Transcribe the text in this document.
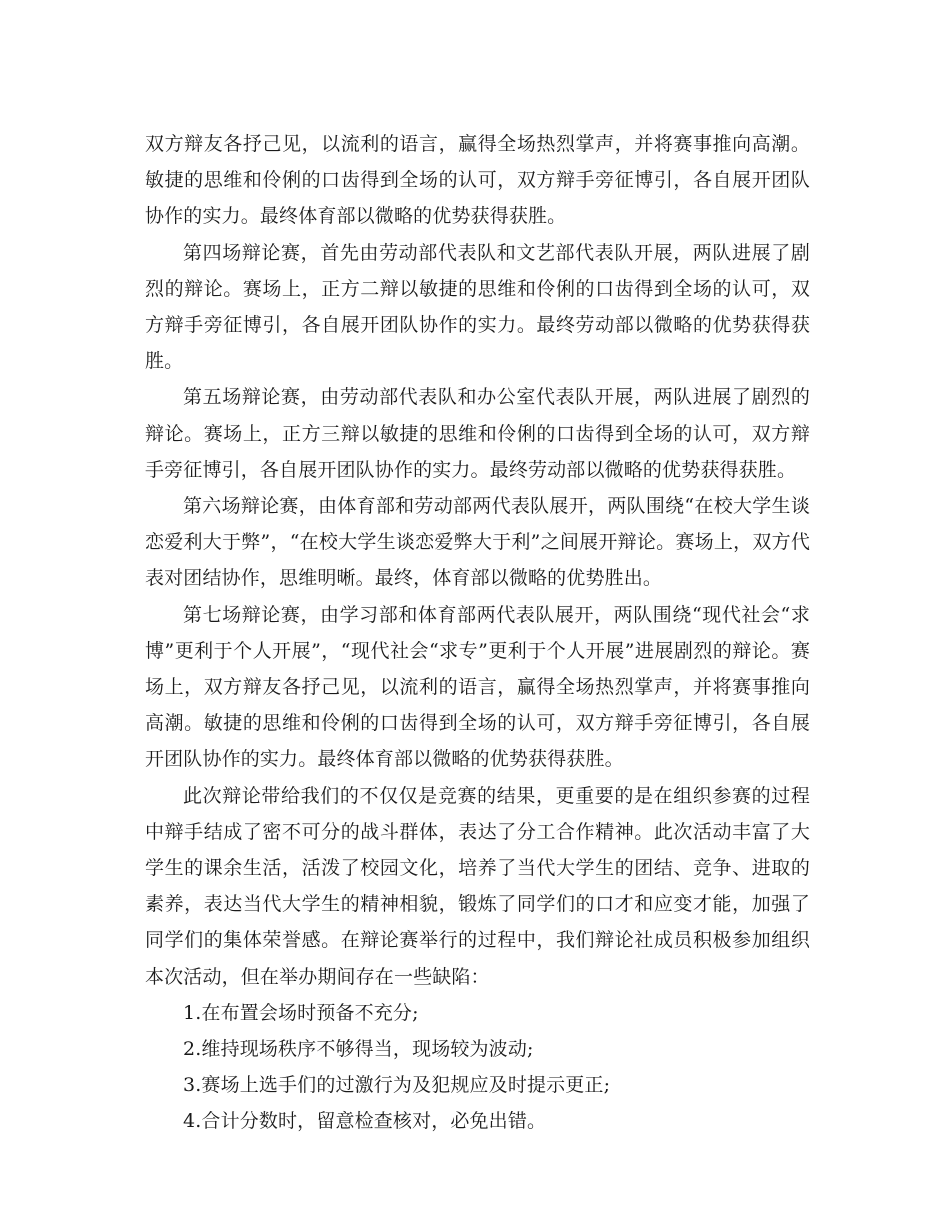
双方辩友各抒己见，以流利的语言，赢得全场热烈掌声，并将赛事推向高潮。敏捷的思维和伶俐的口齿得到全场的认可，双方辩手旁征博引，各自展开团队协作的实力。最终体育部以微略的优势获得获胜。

第四场辩论赛，首先由劳动部代表队和文艺部代表队开展，两队进展了剧烈的辩论。赛场上，正方二辩以敏捷的思维和伶俐的口齿得到全场的认可，双方辩手旁征博引，各自展开团队协作的实力。最终劳动部以微略的优势获得获胜。

第五场辩论赛，由劳动部代表队和办公室代表队开展，两队进展了剧烈的辩论。赛场上，正方三辩以敏捷的思维和伶俐的口齿得到全场的认可，双方辩手旁征博引，各自展开团队协作的实力。最终劳动部以微略的优势获得获胜。

第六场辩论赛，由体育部和劳动部两代表队展开，两队围绕“在校大学生谈恋爱利大于弊”，“在校大学生谈恋爱弊大于利”之间展开辩论。赛场上，双方代表对团结协作，思维明晰。最终，体育部以微略的优势胜出。

第七场辩论赛，由学习部和体育部两代表队展开，两队围绕“现代社会“求博”更利于个人开展”，“现代社会“求专”更利于个人开展”进展剧烈的辩论。赛场上，双方辩友各抒己见，以流利的语言，赢得全场热烈掌声，并将赛事推向高潮。敏捷的思维和伶俐的口齿得到全场的认可，双方辩手旁征博引，各自展开团队协作的实力。最终体育部以微略的优势获得获胜。

此次辩论带给我们的不仅仅是竞赛的结果，更重要的是在组织参赛的过程中辩手结成了密不可分的战斗群体，表达了分工合作精神。此次活动丰富了大学生的课余生活，活泼了校园文化，培养了当代大学生的团结、竞争、进取的素养，表达当代大学生的精神相貌，锻炼了同学们的口才和应变才能，加强了同学们的集体荣誉感。在辩论赛举行的过程中，我们辩论社成员积极参加组织本次活动，但在举办期间存在一些缺陷：

1.在布置会场时预备不充分;
2.维持现场秩序不够得当，现场较为波动;
3.赛场上选手们的过激行为及犯规应及时提示更正;
4.合计分数时，留意检查核对，必免出错。
